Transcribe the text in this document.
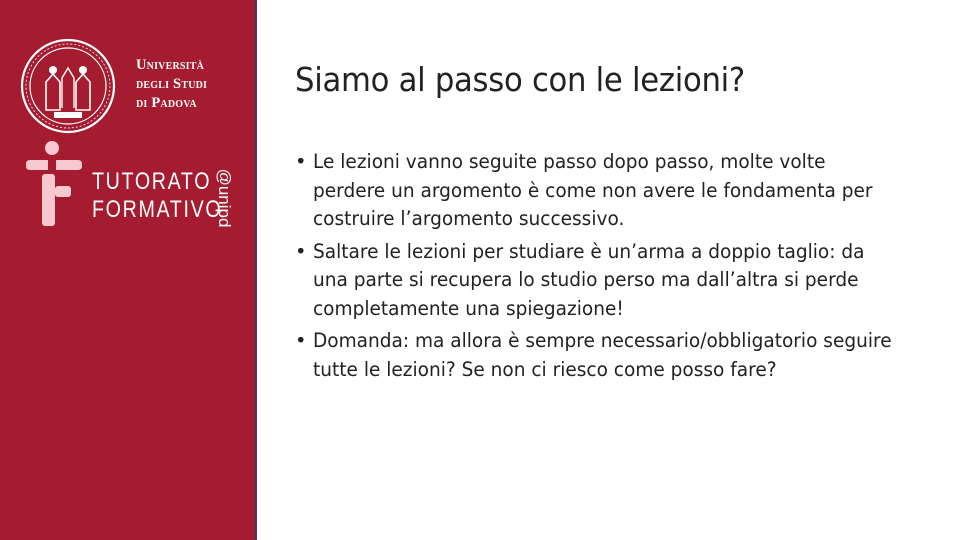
Università
degli Studi
di Padova
TUTORATO
FORMATIVO
@unipd
Siamo al passo con le lezioni?
• Le lezioni vanno seguite passo dopo passo, molte volte perdere un argomento è come non avere le fondamenta per costruire l’argomento successivo.
• Saltare le lezioni per studiare è un’arma a doppio taglio: da una parte si recupera lo studio perso ma dall’altra si perde completamente una spiegazione!
• Domanda: ma allora è sempre necessario/obbligatorio seguire tutte le lezioni? Se non ci riesco come posso fare?
